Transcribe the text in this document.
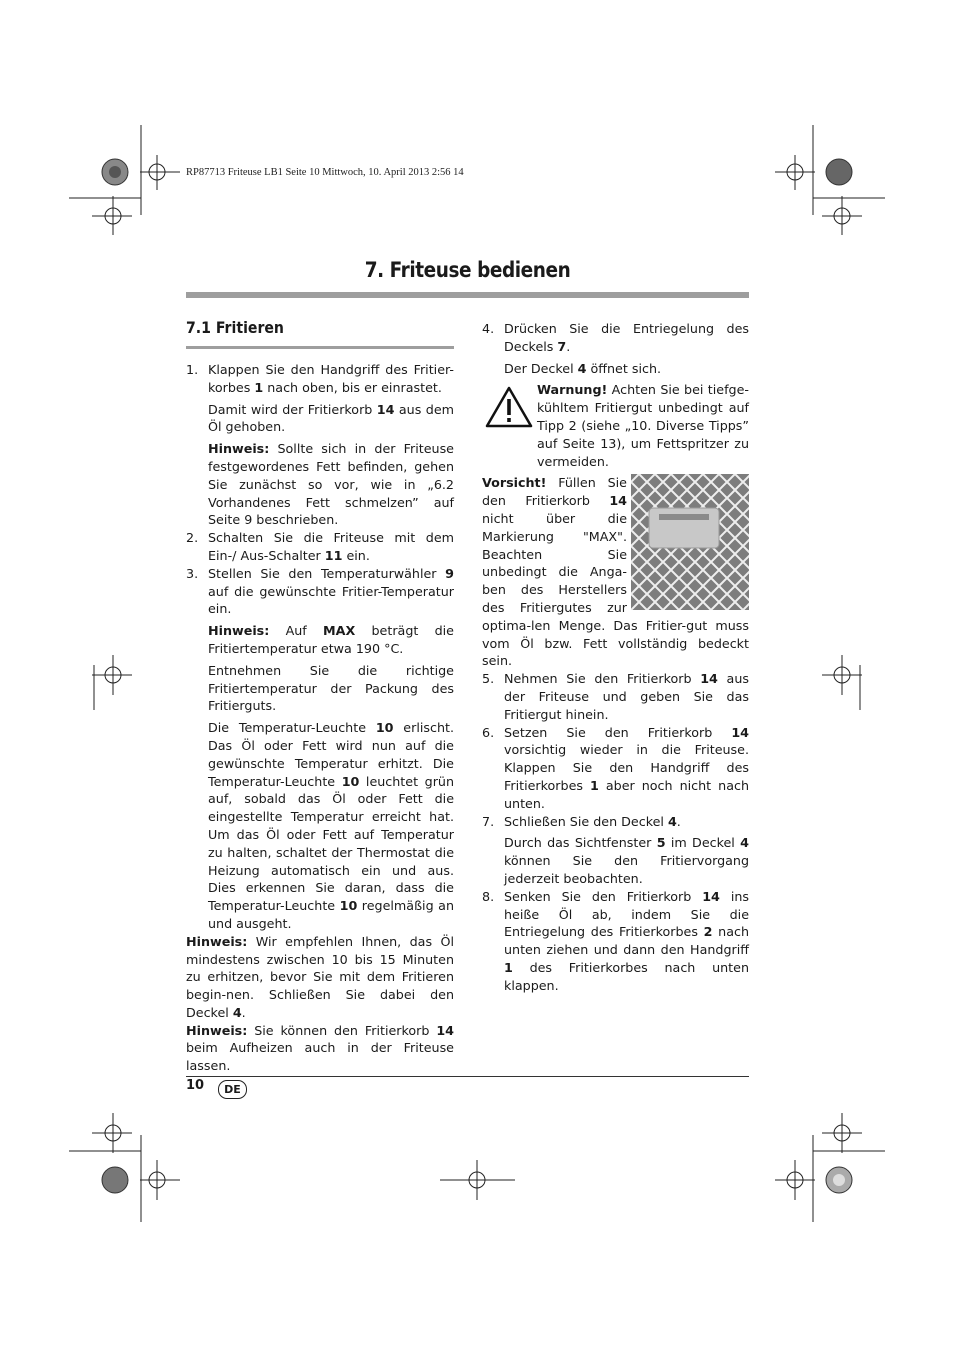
RP87713 Friteuse LB1 Seite 10 Mittwoch, 10. April 2013 2:56 14
7. Friteuse bedienen
7.1 Fritieren
1. Klappen Sie den Handgriff des Fritier-korbes 1 nach oben, bis er einrastet.

Damit wird der Fritierkorb 14 aus dem Öl gehoben.

Hinweis: Sollte sich in der Friteuse festgewordenes Fett befinden, gehen Sie zunächst so vor, wie in „6.2 Vorhandenes Fett schmelzen” auf Seite 9 beschrieben.

2. Schalten Sie die Friteuse mit dem Ein-/ Aus-Schalter 11 ein.
3. Stellen Sie den Temperaturwähler 9 auf die gewünschte Fritier-Temperatur ein.

Hinweis: Auf MAX beträgt die Fritiertemperatur etwa 190 °C.

Entnehmen Sie die richtige Fritiertemperatur der Packung des Fritierguts.

Die Temperatur-Leuchte 10 erlischt. Das Öl oder Fett wird nun auf die gewünschte Temperatur erhitzt. Die Temperatur-Leuchte 10 leuchtet grün auf, sobald das Öl oder Fett die eingestellte Temperatur erreicht hat. Um das Öl oder Fett auf Temperatur zu halten, schaltet der Thermostat die Heizung automatisch ein und aus. Dies erkennen Sie daran, dass die Temperatur-Leuchte 10 regelmäßig an und ausgeht.

Hinweis: Wir empfehlen Ihnen, das Öl mindestens zwischen 10 bis 15 Minuten zu erhitzen, bevor Sie mit dem Fritieren begin-nen. Schließen Sie dabei den Deckel 4.

Hinweis: Sie können den Fritierkorb 14 beim Aufheizen auch in der Friteuse lassen.

4. Drücken Sie die Entriegelung des Deckels 7.

Der Deckel 4 öffnet sich.

Warnung! Achten Sie bei tiefge-kühltem Fritiergut unbedingt auf Tipp 2 (siehe „10. Diverse Tipps” auf Seite 13), um Fettspritzer zu vermeiden.
Vorsicht! Füllen Sie den Fritierkorb 14 nicht über die Markierung "MAX". Beachten Sie unbedingt die Anga-ben des Herstellers des Fritiergutes zur optima-len Menge. Das Fritier-gut muss vom Öl bzw. Fett vollständig bedeckt sein.
5. Nehmen Sie den Fritierkorb 14 aus der Friteuse und geben Sie das Fritiergut hinein.
6. Setzen Sie den Fritierkorb 14 vorsichtig wieder in die Friteuse. Klappen Sie den Handgriff des Fritierkorbes 1 aber noch nicht nach unten.
7. Schließen Sie den Deckel 4.

Durch das Sichtfenster 5 im Deckel 4 können Sie den Fritiervorgang jederzeit beobachten.

8. Senken Sie den Fritierkorb 14 ins heiße Öl ab, indem Sie die Entriegelung des Fritierkorbes 2 nach unten ziehen und dann den Handgriff 1 des Fritierkorbes nach unten klappen.
10	DE
